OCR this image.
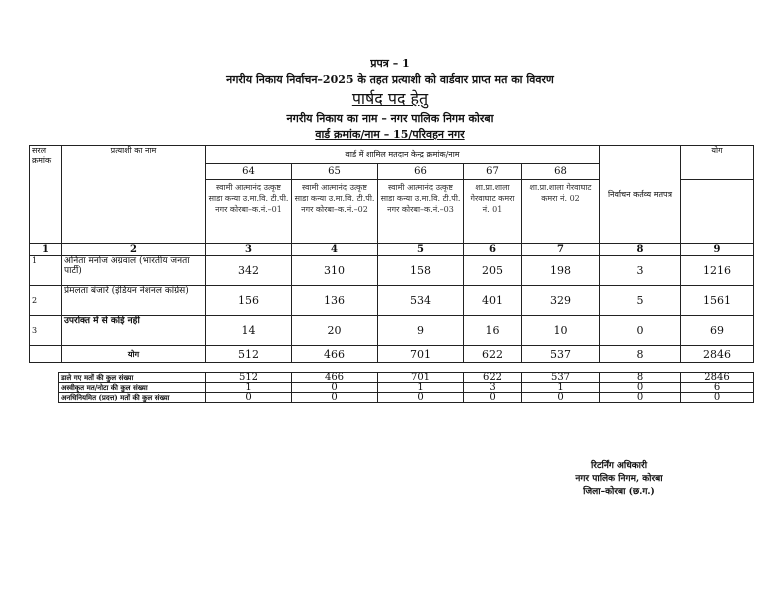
प्रपत्र – 1
नगरीय निकाय निर्वाचन–2025 के तहत प्रत्याशी को वार्डवार प्राप्त मत का विवरण
पार्षद पद हेतु
नगरीय निकाय का नाम – नगर पालिक निगम कोरबा
वार्ड क्रमांक/नाम – 15/परिवहन नगर
सरल क्रमांक	प्रत्याशी का नाम	वार्ड में शामिल मतदान केन्द्र क्रमांक/नाम					निर्वाचन कर्तव्य मतपत्र	योग
		64	65	66	67	68		
		स्वामी आत्मानंद उत्कृष्ट साडा कन्या उ.मा.वि. टी.पी. नगर कोरबा–क.नं.–01	स्वामी आत्मानंद उत्कृष्ट साडा कन्या उ.मा.वि. टी.पी. नगर कोरबा–क.नं.–02	स्वामी आत्मानंद उत्कृष्ट साडा कन्या उ.मा.वि. टी.पी. नगर कोरबा–क.नं.–03	शा.प्रा.शाला गेरवाघाट कमरा नं. 01	शा.प्रा.शाला गेरवाघाट कमरा नं. 02		
1	2	3	4	5	6	7	8	9
1	अनिता मनोज अग्रवाल (भारतीय जनता पार्टी)	342	310	158	205	198	3	1216
2	प्रेमलता बंजारे (इंडियन नेशनल कांग्रेस)	156	136	534	401	329	5	1561
3	उपरोक्त में से कोई नहीं	14	20	9	16	10	0	69
	योग	512	466	701	622	537	8	2846
डाले गए मतों की कुल संख्या	512	466	701	622	537	8	2846
अस्वीकृत मत/नोटा की कुल संख्या	1	0	1	3	1	0	6
अनधिनियमित (प्रदत्त) मतों की कुल संख्या	0	0	0	0	0	0	0
रिटर्निंग अधिकारी
नगर पालिक निगम, कोरबा
जिला–कोरबा (छ.ग.)
